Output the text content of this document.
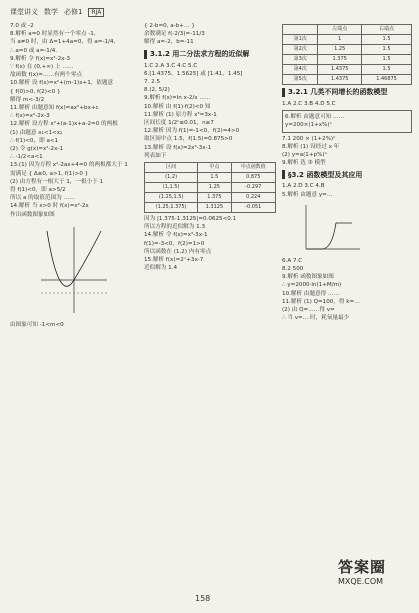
课堂讲义 数学 必修1	RJA
7.0 或 -2
8.解析 a=0 时显然有一个零点 -1，
当 a≠0 时，由 Δ=1+4a=0，得 a=-1/4，
∴ a=0 或 a=-1/4.
9.解析 令 f(x)=x²-2x-3
∵ f(x) 在 (0,+∞) 上 ……
故函数 f(x)=……有两个零点
10.解析 设 f(x)=x²+(m-1)x+1，依题意
{ f(0)>0, f(2)<0 }
解得 m<-3/2
11.解析 由题意知 f(x)=ax²+bx+c
∴ f(x)=x²-2x-3
12.解析 设方程 x²+(a-1)x+a-2=0 的两根
(1) 由题意 x₁<1<x₂
∴ f(1)<0，即 a<1
(2) 令 g(x)=x²-2x-1
∴ -1/2<a<1
13.(1) 因为方程 x²-2ax+4=0 的两根都大于 1
需满足 { Δ≥0, a>1, f(1)>0 }
(2) 由方程有一根大于 1，一根小于 1
得 f(1)<0，即 a>5/2
所以 a 的取值范围为 ……
14.解析 当 x>0 时 f(x)=x²-2x
作出函数图象如图
由图象可知 -1<m<0
{ 2-b=0, a-b+… }
余数满足 f(-2/3)=-11/3
解得 a=-2，b=-11
3.1.2 用二分法求方程的近似解
1.C 2.A 3.C 4.C 5.C
6.[1.4375，1.5625] 或 [1.41，1.45]
7. 2.5
8.(2, 5/2)
9.解析 f(x)=ln x-2/x ……
10.解析 由 f(1)·f(2)<0 知
11.解析 (1) 原方程 x³=3x-1
区间长度 1/2ⁿ≤0.01，n≥7
12.解析 因为 f(1)=-1<0，f(2)=4>0
取区间中点 1.5，f(1.5)=0.875>0
13.解析 设 f(x)=2x³-3x-1
列表如下
区间	中点	中点函数值
(1,2)	1.5	0.875
(1,1.5)	1.25	-0.297
(1.25,1.5)	1.375	0.224
(1.25,1.375)	1.3125	-0.051
因为 |1.375-1.3125|=0.0625<0.1
所以方程的近似解为 1.3
14.解析 令 f(x)=x³-3x-1
f(1)=-3<0，f(2)=1>0
所以函数在 (1,2) 内有零点
15.解析 f(x)=2ˣ+3x-7
近似解为 1.4
	左端点	右端点
第1次	1	1.5
第2次	1.25	1.5
第3次	1.375	1.5
第4次	1.4375	1.5
第5次	1.4375	1.46875
3.2.1 几类不同增长的函数模型
1.A 2.C 3.B 4.D 5.C
6.解析 由题意可知 ……
y=200×(1+x%)ⁿ
7.1 200 × (1+2%)ⁿ
8.解析 (1) 设经过 x 年
(2) y=a(1+p%)ˣ
9.解析 选 ③ 模型
§3.2 函数模型及其应用
1.A 2.D 3.C 4.B
5.解析 由题意 y=…
6.A 7.C
8.2 500
9.解析 函数图象如图
∴ y=2000·ln(1+M/m)
10.解析 由题意得 ……
11.解析 (1) Q=100，得 k=…
(2) 由 Q=……得 v=
∴ 当 v=… 时，耗氧量最少
158
答案圈
MXQE.COM
